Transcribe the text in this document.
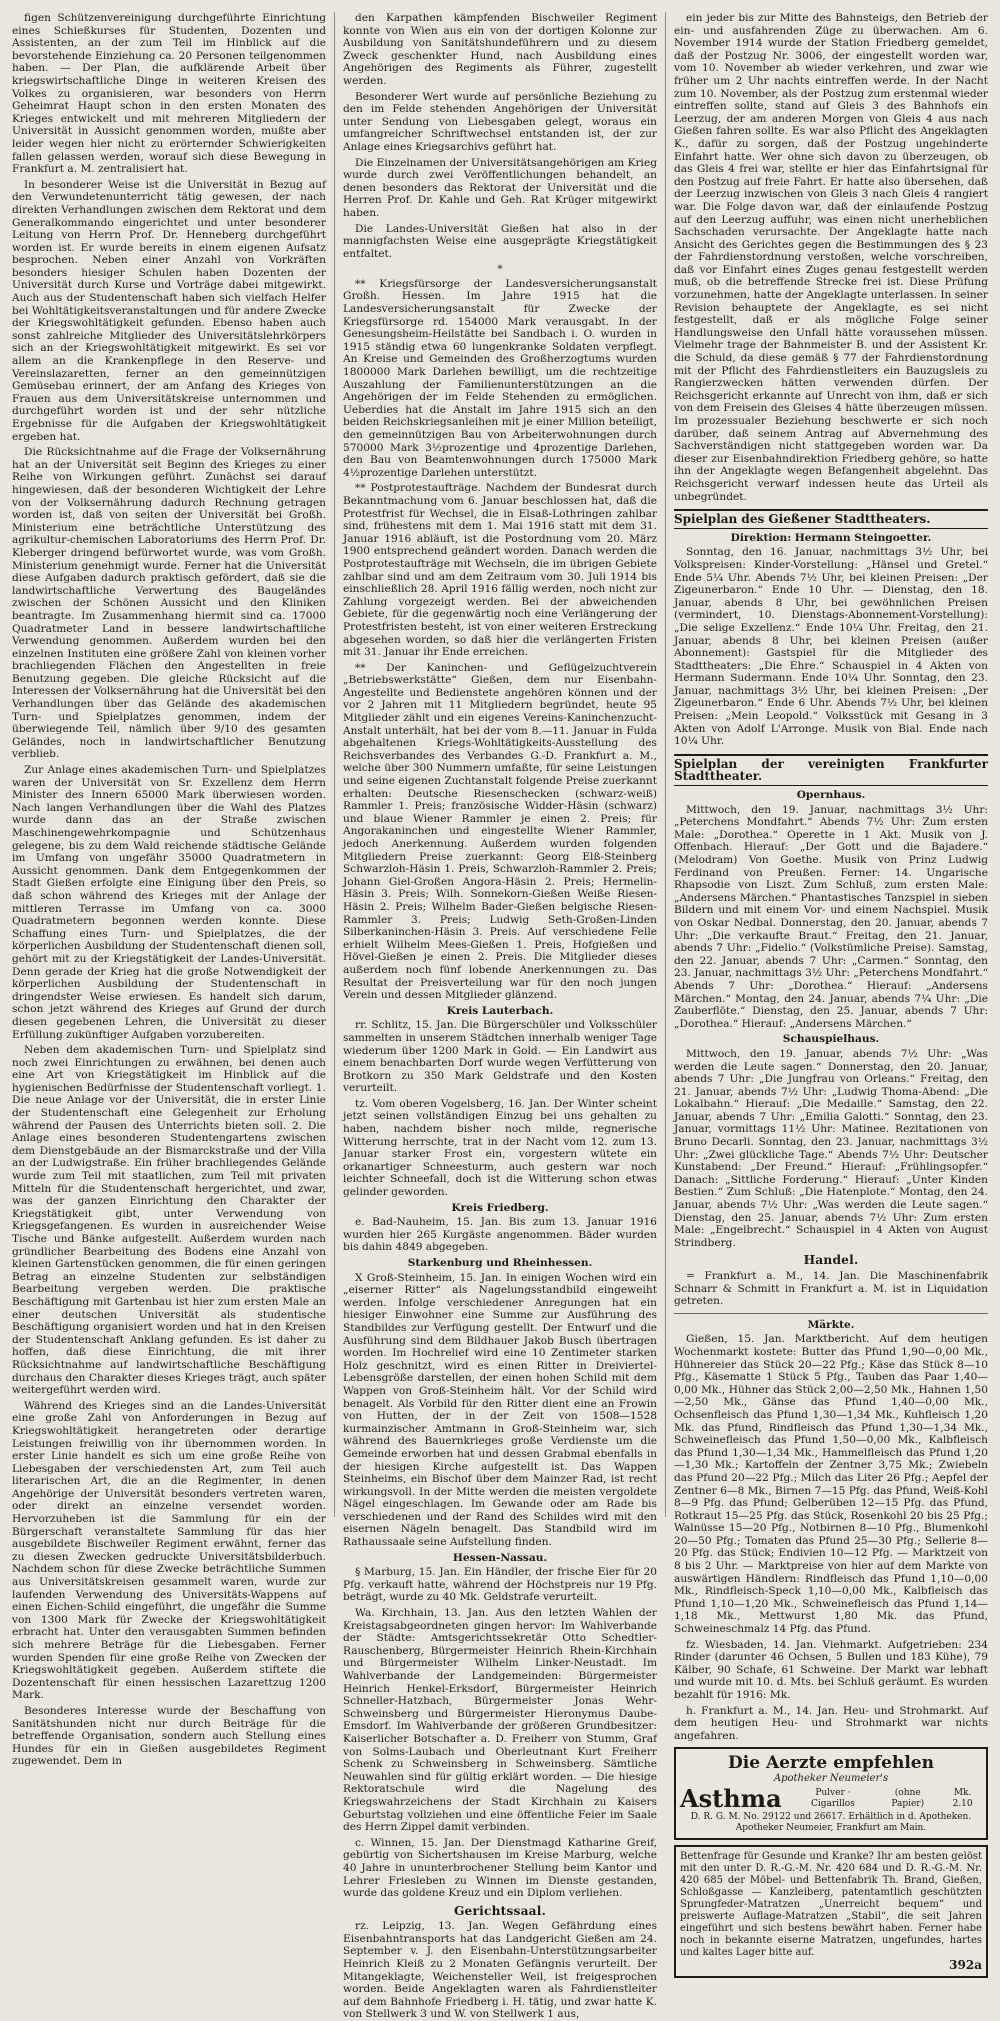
figen Schützenvereinigung durchgeführte Einrichtung eines Schießkurses für Studenten, Dozenten und Assistenten, an der zum Teil im Hinblick auf die bevorstehende Einziehung ca. 20 Personen teilgenommen haben. — Der Plan, die aufklärende Arbeit über kriegswirtschaftliche Dinge in weiteren Kreisen des Volkes zu organisieren, war besonders von Herrn Geheimrat Haupt schon in den ersten Monaten des Krieges entwickelt und mit mehreren Mitgliedern der Universität in Aussicht genommen worden, mußte aber leider wegen hier nicht zu erörternder Schwierigkeiten fallen gelassen werden, worauf sich diese Bewegung in Frankfurt a. M. zentralisiert hat.

In besonderer Weise ist die Universität in Bezug auf den Verwundetenunterricht tätig gewesen, der nach direkten Verhandlungen zwischen dem Rektorat und dem Generalkommando eingerichtet und unter besonderer Leitung von Herrn Prof. Dr. Henneberg durchgeführt worden ist. Er wurde bereits in einem eigenen Aufsatz besprochen. Neben einer Anzahl von Vorkräften besonders hiesiger Schulen haben Dozenten der Universität durch Kurse und Vorträge dabei mitgewirkt. Auch aus der Studentenschaft haben sich vielfach Helfer bei Wohltätigkeitsveranstaltungen und für andere Zwecke der Kriegswohltätigkeit gefunden. Ebenso haben auch sonst zahlreiche Mitglieder des Universitätslehrkörpers sich an der Kriegswohltätigkeit mitgewirkt. Es sei vor allem an die Krankenpflege in den Reserve- und Vereinslazaretten, ferner an den gemeinnützigen Gemüsebau erinnert, der am Anfang des Krieges von Frauen aus dem Universitätskreise unternommen und durchgeführt worden ist und der sehr nützliche Ergebnisse für die Aufgaben der Kriegswohltätigkeit ergeben hat.

Die Rücksichtnahme auf die Frage der Volksernährung hat an der Universität seit Beginn des Krieges zu einer Reihe von Wirkungen geführt. Zunächst sei darauf hingewiesen, daß der besonderen Wichtigkeit der Lehre von der Volksernährung dadurch Rechnung getragen worden ist, daß von seiten der Universität bei Großh. Ministerium eine beträchtliche Unterstützung des agrikultur-chemischen Laboratoriums des Herrn Prof. Dr. Kleberger dringend befürwortet wurde, was vom Großh. Ministerium genehmigt wurde. Ferner hat die Universität diese Aufgaben dadurch praktisch gefördert, daß sie die landwirtschaftliche Verwertung des Baugeländes zwischen der Schönen Aussicht und den Kliniken beantragte. Im Zusammenhang hiermit sind ca. 17000 Quadratmeter Land in bessere landwirtschaftliche Verwendung genommen. Außerdem wurden bei den einzelnen Instituten eine größere Zahl von kleinen vorher brachliegenden Flächen den Angestellten in freie Benutzung gegeben. Die gleiche Rücksicht auf die Interessen der Volksernährung hat die Universität bei den Verhandlungen über das Gelände des akademischen Turn- und Spielplatzes genommen, indem der überwiegende Teil, nämlich über 9/10 des gesamten Geländes, noch in landwirtschaftlicher Benutzung verblieb.

Zur Anlage eines akademischen Turn- und Spielplatzes waren der Universität von Sr. Exzellenz dem Herrn Minister des Innern 65000 Mark überwiesen worden. Nach langen Verhandlungen über die Wahl des Platzes wurde dann das an der Straße zwischen Maschinengewehrkompagnie und Schützenhaus gelegene, bis zu dem Wald reichende städtische Gelände im Umfang von ungefähr 35000 Quadratmetern in Aussicht genommen. Dank dem Entgegenkommen der Stadt Gießen erfolgte eine Einigung über den Preis, so daß schon während des Krieges mit der Anlage der mittleren Terrasse im Umfang von ca. 3000 Quadratmetern begonnen werden konnte. Diese Schaffung eines Turn- und Spielplatzes, die der körperlichen Ausbildung der Studentenschaft dienen soll, gehört mit zu der Kriegstätigkeit der Landes-Universität. Denn gerade der Krieg hat die große Notwendigkeit der körperlichen Ausbildung der Studentenschaft in dringendster Weise erwiesen. Es handelt sich darum, schon jetzt während des Krieges auf Grund der durch diesen gegebenen Lehren, die Universität zu dieser Erfüllung zukünftiger Aufgaben vorzubereiten.

Neben dem akademischen Turn- und Spielplatz sind noch zwei Einrichtungen zu erwähnen, bei denen auch eine Art von Kriegstätigkeit im Hinblick auf die hygienischen Bedürfnisse der Studentenschaft vorliegt. 1. Die neue Anlage vor der Universität, die in erster Linie der Studentenschaft eine Gelegenheit zur Erholung während der Pausen des Unterrichts bieten soll. 2. Die Anlage eines besonderen Studentengartens zwischen dem Dienstgebäude an der Bismarckstraße und der Villa an der Ludwigstraße. Ein früher brachliegendes Gelände wurde zum Teil mit staatlichen, zum Teil mit privaten Mitteln für die Studentenschaft hergerichtet, und zwar, was der ganzen Einrichtung den Charakter der Kriegstätigkeit gibt, unter Verwendung von Kriegsgefangenen. Es wurden in ausreichender Weise Tische und Bänke aufgestellt. Außerdem wurden nach gründlicher Bearbeitung des Bodens eine Anzahl von kleinen Gartenstücken genommen, die für einen geringen Betrag an einzelne Studenten zur selbständigen Bearbeitung vergeben werden. Die praktische Beschäftigung mit Gartenbau ist hier zum ersten Male an einer deutschen Universität als studentische Beschäftigung organisiert worden und hat in den Kreisen der Studentenschaft Anklang gefunden. Es ist daher zu hoffen, daß diese Einrichtung, die mit ihrer Rücksichtnahme auf landwirtschaftliche Beschäftigung durchaus den Charakter dieses Krieges trägt, auch später weitergeführt werden wird.

Während des Krieges sind an die Landes-Universität eine große Zahl von Anforderungen in Bezug auf Kriegswohltätigkeit herangetreten oder derartige Leistungen freiwillig von ihr übernommen worden. In erster Linie handelt es sich um eine große Reihe von Liebesgaben der verschiedensten Art, zum Teil auch literarischen Art, die an die Regimenter, in denen Angehörige der Universität besonders vertreten waren, oder direkt an einzelne versendet worden. Hervorzuheben ist die Sammlung für ein der Bürgerschaft veranstaltete Sammlung für das hier ausgebildete Bischweiler Regiment erwähnt, ferner das zu diesen Zwecken gedruckte Universitätsbilderbuch. Nachdem schon für diese Zwecke beträchtliche Summen aus Universitätskreisen gesammelt waren, wurde zur laufenden Verwendung des Universitäts-Wappens auf einen Eichen-Schild eingeführt, die ungefähr die Summe von 1300 Mark für Zwecke der Kriegswohltätigkeit erbracht hat. Unter den verausgabten Summen befinden sich mehrere Beträge für die Liebesgaben. Ferner wurden Spenden für eine große Reihe von Zwecken der Kriegswohltätigkeit gegeben. Außerdem stiftete die Dozentenschaft für einen hessischen Lazarettzug 1200 Mark.

Besonderes Interesse wurde der Beschaffung von Sanitätshunden nicht nur durch Beiträge für die betreffende Organisation, sondern auch Stellung eines Hundes für ein in Gießen ausgebildetes Regiment zugewendet. Dem in

den Karpathen kämpfenden Bischweiler Regiment konnte von Wien aus ein von der dortigen Kolonne zur Ausbildung von Sanitätshundeführern und zu diesem Zweck geschenkter Hund, nach Ausbildung eines Angehörigen des Regiments als Führer, zugestellt werden.

Besonderer Wert wurde auf persönliche Beziehung zu den im Felde stehenden Angehörigen der Universität unter Sendung von Liebesgaben gelegt, woraus ein umfangreicher Schriftwechsel entstanden ist, der zur Anlage eines Kriegsarchivs geführt hat.

Die Einzelnamen der Universitätsangehörigen am Krieg wurde durch zwei Veröffentlichungen behandelt, an denen besonders das Rektorat der Universität und die Herren Prof. Dr. Kahle und Geh. Rat Krüger mitgewirkt haben.

Die Landes-Universität Gießen hat also in der mannigfachsten Weise eine ausgeprägte Kriegstätigkeit entfaltet.

*

** Kriegsfürsorge der Landesversicherungsanstalt Großh. Hessen. Im Jahre 1915 hat die Landesversicherungsanstalt für Zwecke der Kriegsfürsorge rd. 154000 Mark verausgabt. In der Genesungsheim-Heilstätte bei Sandbach i. O. wurden in 1915 ständig etwa 60 lungenkranke Soldaten verpflegt. An Kreise und Gemeinden des Großherzogtums wurden 1800000 Mark Darlehen bewilligt, um die rechtzeitige Auszahlung der Familienunterstützungen an die Angehörigen der im Felde Stehenden zu ermöglichen. Ueberdies hat die Anstalt im Jahre 1915 sich an den beiden Reichskriegsanleihen mit je einer Million beteiligt, den gemeinnützigen Bau von Arbeiterwohnungen durch 570000 Mark 3½prozentige und 4prozentige Darlehen, den Bau von Beamtenwohnungen durch 175000 Mark 4½prozentige Darlehen unterstützt.

** Postprotestaufträge. Nachdem der Bundesrat durch Bekanntmachung vom 6. Januar beschlossen hat, daß die Protestfrist für Wechsel, die in Elsaß-Lothringen zahlbar sind, frühestens mit dem 1. Mai 1916 statt mit dem 31. Januar 1916 abläuft, ist die Postordnung vom 20. März 1900 entsprechend geändert worden. Danach werden die Postprotestaufträge mit Wechseln, die im übrigen Gebiete zahlbar sind und am dem Zeitraum vom 30. Juli 1914 bis einschließlich 28. April 1916 fällig werden, noch nicht zur Zahlung vorgezeigt werden. Bei der abweichenden Gebiete, für die gegenwärtig noch eine Verlängerung der Protestfristen besteht, ist von einer weiteren Erstreckung abgesehen worden, so daß hier die verlängerten Fristen mit 31. Januar ihr Ende erreichen.

** Der Kaninchen- und Geflügelzuchtverein „Betriebswerkstätte“ Gießen, dem nur Eisenbahn-Angestellte und Bedienstete angehören können und der vor 2 Jahren mit 11 Mitgliedern begründet, heute 95 Mitglieder zählt und ein eigenes Vereins-Kaninchenzucht-Anstalt unterhält, hat bei der vom 8.—11. Januar in Fulda abgehaltenen Kriegs-Wohltätigkeits-Ausstellung des Reichsverbandes des Verbandes G.-D. Frankfurt a. M., welche über 300 Nummern umfaßte, für seine Leistungen und seine eigenen Zuchtanstalt folgende Preise zuerkannt erhalten: Deutsche Riesenschecken (schwarz-weiß) Rammler 1. Preis; französische Widder-Häsin (schwarz) und blaue Wiener Rammler je einen 2. Preis; für Angorakaninchen und eingestellte Wiener Rammler, jedoch Anerkennung. Außerdem wurden folgenden Mitgliedern Preise zuerkannt: Georg Elß-Steinberg Schwarzloh-Häsin 1. Preis, Schwarzloh-Rammler 2. Preis; Johann Giel-Großen Angora-Häsin 2. Preis; Hermelin-Häsin 3. Preis; Wilh. Sonnekorn-Gießen Weiße Riesen-Häsin 2. Preis; Wilhelm Bader-Gießen belgische Riesen-Rammler 3. Preis; Ludwig Seth-Großen-Linden Silberkaninchen-Häsin 3. Preis. Auf verschiedene Felle erhielt Wilhelm Mees-Gießen 1. Preis, Hofgießen und Hövel-Gießen je einen 2. Preis. Die Mitglieder dieses außerdem noch fünf lobende Anerkennungen zu. Das Resultat der Preisverteilung war für den noch jungen Verein und dessen Mitglieder glänzend.

Kreis Lauterbach.

rr. Schlitz, 15. Jan. Die Bürgerschüler und Volksschüler sammelten in unserem Städtchen innerhalb weniger Tage wiederum über 1200 Mark in Gold. — Ein Landwirt aus einem benachbarten Dorf wurde wegen Verfütterung von Brotkorn zu 350 Mark Geldstrafe und den Kosten verurteilt.

tz. Vom oberen Vogelsberg, 16. Jan. Der Winter scheint jetzt seinen vollständigen Einzug bei uns gehalten zu haben, nachdem bisher noch milde, regnerische Witterung herrschte, trat in der Nacht vom 12. zum 13. Januar starker Frost ein, vorgestern wütete ein orkanartiger Schneesturm, auch gestern war noch leichter Schneefall, doch ist die Witterung schon etwas gelinder geworden.

Kreis Friedberg.

e. Bad-Nauheim, 15. Jan. Bis zum 13. Januar 1916 wurden hier 265 Kurgäste angenommen. Bäder wurden bis dahin 4849 abgegeben.

Starkenburg und Rheinhessen.

X Groß-Steinheim, 15. Jan. In einigen Wochen wird ein „eiserner Ritter“ als Nagelungsstandbild eingeweiht werden. Infolge verschiedener Anregungen hat ein hiesiger Einwohner eine Summe zur Ausführung des Standbildes zur Verfügung gestellt. Der Entwurf und die Ausführung sind dem Bildhauer Jakob Busch übertragen worden. Im Hochrelief wird eine 10 Zentimeter starken Holz geschnitzt, wird es einen Ritter in Dreiviertel-Lebensgröße darstellen, der einen hohen Schild mit dem Wappen von Groß-Steinheim hält. Vor der Schild wird benagelt. Als Vorbild für den Ritter dient eine an Frowin von Hutten, der in der Zeit von 1508—1528 kurmainzischer Amtmann in Groß-Steinheim war, sich während des Bauernkrieges große Verdienste um die Gemeinde erworben hat und dessen Grabmal ebenfalls in der hiesigen Kirche aufgestellt ist. Das Wappen Steinheims, ein Bischof über dem Mainzer Rad, ist recht wirkungsvoll. In der Mitte werden die meisten vergoldete Nägel eingeschlagen. Im Gewande oder am Rade bis verschiedenen und der Rand des Schildes wird mit den eisernen Nägeln benagelt. Das Standbild wird im Rathaussaale seine Aufstellung finden.

Hessen-Nassau.

§ Marburg, 15. Jan. Ein Händler, der frische Eier für 20 Pfg. verkauft hatte, während der Höchstpreis nur 19 Pfg. beträgt, wurde zu 40 Mk. Geldstrafe verurteilt.

Wa. Kirchhain, 13. Jan. Aus den letzten Wahlen der Kreistagsabgeordneten gingen hervor: Im Wahlverbande der Städte: Amtsgerichtssekretär Otto Schedtler-Rauschenberg, Bürgermeister Heinrich Rhein-Kirchhain und Bürgermeister Wilhelm Linker-Neustadt. Im Wahlverbande der Landgemeinden: Bürgermeister Heinrich Henkel-Erksdorf, Bürgermeister Heinrich Schneller-Hatzbach, Bürgermeister Jonas Wehr-Schweinsberg und Bürgermeister Hieronymus Daube-Emsdorf. Im Wahlverbande der größeren Grundbesitzer: Kaiserlicher Botschafter a. D. Freiherr von Stumm, Graf von Solms-Laubach und Oberleutnant Kurt Freiherr Schenk zu Schweinsberg in Schweinsberg. Sämtliche Neuwahlen sind für gültig erklärt worden. — Die hiesige Rektoratschule wird die Nagelung des Kriegswahrzeichens der Stadt Kirchhain zu Kaisers Geburtstag vollziehen und eine öffentliche Feier im Saale des Herrn Zippel damit verbinden.

c. Winnen, 15. Jan. Der Dienstmagd Katharine Greif, gebürtig von Sichertshausen im Kreise Marburg, welche 40 Jahre in ununterbrochener Stellung beim Kantor und Lehrer Friesleben zu Winnen im Dienste gestanden, wurde das goldene Kreuz und ein Diplom verliehen.

Gerichtssaal.

rz. Leipzig, 13. Jan. Wegen Gefährdung eines Eisenbahntransports hat das Landgericht Gießen am 24. September v. J. den Eisenbahn-Unterstützungsarbeiter Heinrich Kleiß zu 2 Monaten Gefängnis verurteilt. Der Mitangeklagte, Weichensteller Weil, ist freigesprochen worden. Beide Angeklagten waren als Fahrdienstleiter auf dem Bahnhofe Friedberg i. H. tätig, und zwar hatte K. von Stellwerk 3 und W. von Stellwerk 1 aus,

ein jeder bis zur Mitte des Bahnsteigs, den Betrieb der ein- und ausfahrenden Züge zu überwachen. Am 6. November 1914 wurde der Station Friedberg gemeldet, daß der Postzug Nr. 3006, der eingestellt worden war, vom 10. November ab wieder verkehren, und zwar wie früher um 2 Uhr nachts eintreffen werde. In der Nacht zum 10. November, als der Postzug zum erstenmal wieder eintreffen sollte, stand auf Gleis 3 des Bahnhofs ein Leerzug, der am anderen Morgen von Gleis 4 aus nach Gießen fahren sollte. Es war also Pflicht des Angeklagten K., dafür zu sorgen, daß der Postzug ungehinderte Einfahrt hatte. Wer ohne sich davon zu überzeugen, ob das Gleis 4 frei war, stellte er hier das Einfahrtsignal für den Postzug auf freie Fahrt. Er hatte also übersehen, daß der Leerzug inzwischen von Gleis 3 nach Gleis 4 rangiert war. Die Folge davon war, daß der einlaufende Postzug auf den Leerzug auffuhr, was einen nicht unerheblichen Sachschaden verursachte. Der Angeklagte hatte nach Ansicht des Gerichtes gegen die Bestimmungen des § 23 der Fahrdienstordnung verstoßen, welche vorschreiben, daß vor Einfahrt eines Zuges genau festgestellt werden muß, ob die betreffende Strecke frei ist. Diese Prüfung vorzunehmen, hatte der Angeklagte unterlassen. In seiner Revision behauptete der Angeklagte, es sei nicht festgestellt, daß er als mögliche Folge seiner Handlungsweise den Unfall hätte voraussehen müssen. Vielmehr trage der Bahnmeister B. und der Assistent Kr. die Schuld, da diese gemäß § 77 der Fahrdienstordnung mit der Pflicht des Fahrdienstleiters ein Bauzugsleis zu Rangierzwecken hätten verwenden dürfen. Der Reichsgericht erkannte auf Unrecht von ihm, daß er sich von dem Freisein des Gleises 4 hätte überzeugen müssen. Im prozessualer Beziehung beschwerte er sich noch darüber, daß seinem Antrag auf Abvernehmung des Sachverständigen nicht stattgegeben worden war. Da dieser zur Eisenbahndirektion Friedberg gehöre, so hatte ihn der Angeklagte wegen Befangenheit abgelehnt. Das Reichsgericht verwarf indessen heute das Urteil als unbegründet.

Spielplan des Gießener Stadttheaters.
Direktion: Hermann Steingoetter.

Sonntag, den 16. Januar, nachmittags 3½ Uhr, bei Volkspreisen: Kinder-Vorstellung: „Hänsel und Gretel.“ Ende 5¼ Uhr. Abends 7½ Uhr, bei kleinen Preisen: „Der Zigeunerbaron.“ Ende 10 Uhr. — Dienstag, den 18. Januar, abends 8 Uhr, bei gewöhnlichen Preisen (vermindert, 10. Dienstags-Abonnement-Vorstellung): „Die selige Exzellenz.“ Ende 10¼ Uhr. Freitag, den 21. Januar, abends 8 Uhr, bei kleinen Preisen (außer Abonnement): Gastspiel für die Mitglieder des Stadttheaters: „Die Ehre.“ Schauspiel in 4 Akten von Hermann Sudermann. Ende 10¼ Uhr. Sonntag, den 23. Januar, nachmittags 3½ Uhr, bei kleinen Preisen: „Der Zigeunerbaron.“ Ende 6 Uhr. Abends 7½ Uhr, bei kleinen Preisen: „Mein Leopold.“ Volksstück mit Gesang in 3 Akten von Adolf L'Arronge. Musik von Bial. Ende nach 10¼ Uhr.

Spielplan der vereinigten Frankfurter Stadttheater.
Opernhaus.

Mittwoch, den 19. Januar, nachmittags 3½ Uhr: „Peterchens Mondfahrt.“ Abends 7½ Uhr: Zum ersten Male: „Dorothea.“ Operette in 1 Akt. Musik von J. Offenbach. Hierauf: „Der Gott und die Bajadere.“ (Melodram) Von Goethe. Musik von Prinz Ludwig Ferdinand von Preußen. Ferner: 14. Ungarische Rhapsodie von Liszt. Zum Schluß, zum ersten Male: „Andersens Märchen.“ Phantastisches Tanzspiel in sieben Bildern und mit einem Vor- und einem Nachspiel. Musik von Oskar Nedbal. Donnerstag, den 20. Januar, abends 7 Uhr: „Die verkaufte Braut.“ Freitag, den 21. Januar, abends 7 Uhr: „Fidelio.“ (Volkstümliche Preise). Samstag, den 22. Januar, abends 7 Uhr: „Carmen.“ Sonntag, den 23. Januar, nachmittags 3½ Uhr: „Peterchens Mondfahrt.“ Abends 7 Uhr: „Dorothea.“ Hierauf: „Andersens Märchen.“ Montag, den 24. Januar, abends 7¼ Uhr: „Die Zauberflöte.“ Dienstag, den 25. Januar, abends 7 Uhr: „Dorothea.“ Hierauf: „Andersens Märchen.“

Schauspielhaus.

Mittwoch, den 19. Januar, abends 7½ Uhr: „Was werden die Leute sagen.“ Donnerstag, den 20. Januar, abends 7 Uhr: „Die Jungfrau von Orleans.“ Freitag, den 21. Januar, abends 7½ Uhr: „Ludwig Thoma-Abend: „Die Lokalbahn.“ Hierauf: „Die Medaille.“ Samstag, den 22. Januar, abends 7 Uhr: „Emilia Galotti.“ Sonntag, den 23. Januar, vormittags 11½ Uhr: Matinee. Rezitationen von Bruno Decarli. Sonntag, den 23. Januar, nachmittags 3½ Uhr: „Zwei glückliche Tage.“ Abends 7½ Uhr: Deutscher Kunstabend: „Der Freund.“ Hierauf: „Frühlingsopfer.“ Danach: „Sittliche Forderung.“ Hierauf: „Unter Kinden Bestien.“ Zum Schluß: „Die Hatenplote.“ Montag, den 24. Januar, abends 7½ Uhr: „Was werden die Leute sagen.“ Dienstag, den 25. Januar, abends 7½ Uhr: Zum ersten Male: „Engelbrecht.“ Schauspiel in 4 Akten von August Strindberg.

Handel.

= Frankfurt a. M., 14. Jan. Die Maschinenfabrik Schnarr & Schmitt in Frankfurt a. M. ist in Liquidation getreten.

Märkte.

Gießen, 15. Jan. Marktbericht. Auf dem heutigen Wochenmarkt kostete: Butter das Pfund 1,90—0,00 Mk., Hühnereier das Stück 20—22 Pfg.; Käse das Stück 8—10 Pfg., Käsematte 1 Stück 5 Pfg., Tauben das Paar 1,40—0,00 Mk., Hühner das Stück 2,00—2,50 Mk., Hahnen 1,50—2,50 Mk., Gänse das Pfund 1,40—0,00 Mk., Ochsenfleisch das Pfund 1,30—1,34 Mk., Kuhfleisch 1,20 Mk. das Pfund, Rindfleisch das Pfund 1,30—1,34 Mk., Schweinefleisch das Pfund 1,50—0,00 Mk., Kalbfleisch das Pfund 1,30—1,34 Mk., Hammelfleisch das Pfund 1,20—1,30 Mk.; Kartoffeln der Zentner 3,75 Mk.; Zwiebeln das Pfund 20—22 Pfg.; Milch das Liter 26 Pfg.; Aepfel der Zentner 6—8 Mk., Birnen 7—15 Pfg. das Pfund, Weiß-Kohl 8—9 Pfg. das Pfund; Gelberüben 12—15 Pfg. das Pfund, Rotkraut 15—25 Pfg. das Stück, Rosenkohl 20 bis 25 Pfg.; Walnüsse 15—20 Pfg., Notbirnen 8—10 Pfg., Blumenkohl 20—50 Pfg.; Tomaten das Pfund 25—30 Pfg.; Sellerie 8—20 Pfg. das Stück; Endivien 10—12 Pfg. — Marktzeit von 8 bis 2 Uhr. — Marktpreise von hier auf dem Markte von auswärtigen Händlern: Rindfleisch das Pfund 1,10—0,00 Mk., Rindfleisch-Speck 1,10—0,00 Mk., Kalbfleisch das Pfund 1,10—1,20 Mk., Schweinefleisch das Pfund 1,14—1,18 Mk., Mettwurst 1,80 Mk. das Pfund, Schweineschmalz 14 Pfg. das Pfund.

fz. Wiesbaden, 14. Jan. Viehmarkt. Aufgetrieben: 234 Rinder (darunter 46 Ochsen, 5 Bullen und 183 Kühe), 79 Kälber, 90 Schafe, 61 Schweine. Der Markt war lebhaft und wurde mit 10. d. Mts. bei Schluß geräumt. Es wurden bezahlt für 1916: Mk.

h. Frankfurt a. M., 14. Jan. Heu- und Strohmarkt. Auf dem heutigen Heu- und Strohmarkt war nichts angefahren.

Die Aerzte empfehlen
Apotheker Neumeier's
Asthma	Pulver · Cigarillos
(ohne Papier)
Mk. 2.10
D. R. G. M. No. 29122 und 26617. Erhältlich in d. Apotheken.
Apotheker Neumeier, Frankfurt am Main.
Bettenfrage für Gesunde und Kranke? Ihr am besten gelöst mit den unter D. R.-G.-M. Nr. 420 684 und D. R.-G.-M. Nr. 420 685 der Möbel- und Bettenfabrik Th. Brand, Gießen, Schloßgasse — Kanzleiberg, patentamtlich geschützten Sprungfeder-Matratzen „Unerreicht bequem“ und preiswerte Auflage-Matratzen „Stabil“, die seit Jahren eingeführt und sich bestens bewährt haben. Ferner habe noch in bekannte eiserne Matratzen, ungefundes, hartes und kaltes Lager bitte auf.
392a
